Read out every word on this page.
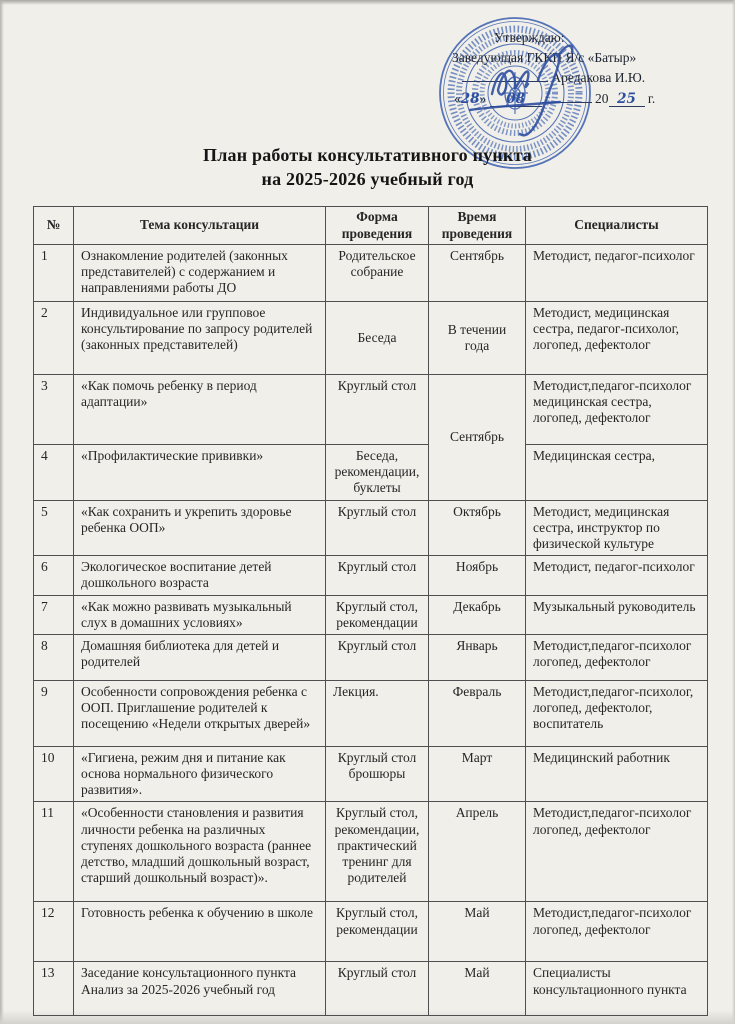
Утверждаю:
Заведующая ГККП Я/с «Батыр»
Аредакова И.Ю.
«28» 08	20 25 г.
План работы консультативного пункта
на 2025-2026 учебный год
№	Тема консультации	Форма проведения	Время проведения	Специалисты
1	Ознакомление родителей (законных представителей) с содержанием и направлениями работы ДО	Родительское собрание	Сентябрь	Методист, педагог-психолог
2	Индивидуальное или групповое консультирование по запросу родителей (законных представителей)	Беседа	В течении года	Методист, медицинская сестра, педагог-психолог, логопед, дефектолог
3	«Как помочь ребенку в период адаптации»	Круглый стол	Сентябрь	Методист,педагог-психолог медицинская сестра, логопед, дефектолог
4	«Профилактические прививки»	Беседа, рекомендации, буклеты		Медицинская сестра,
5	«Как сохранить и укрепить здоровье ребенка ООП»	Круглый стол	Октябрь	Методист, медицинская сестра, инструктор по физической культуре
6	Экологическое воспитание детей дошкольного возраста	Круглый стол	Ноябрь	Методист, педагог-психолог
7	«Как можно развивать музыкальный слух в домашних условиях»	Круглый стол, рекомендации	Декабрь	Музыкальный руководитель
8	Домашняя библиотека для детей и родителей	Круглый стол	Январь	Методист,педагог-психолог логопед, дефектолог
9	Особенности сопровождения ребенка с ООП. Приглашение родителей к посещению «Недели открытых дверей»	Лекция.	Февраль	Методист,педагог-психолог, логопед, дефектолог, воспитатель
10	«Гигиена, режим дня и питание как основа нормального физического развития».	Круглый стол брошюры	Март	Медицинский работник
11	«Особенности становления и развития личности ребенка на различных ступенях дошкольного возраста (раннее детство, младший дошкольный возраст, старший дошкольный возраст)».	Круглый стол, рекомендации, практический тренинг для родителей	Апрель	Методист,педагог-психолог логопед, дефектолог
12	Готовность ребенка к обучению в школе	Круглый стол, рекомендации	Май	Методист,педагог-психолог логопед, дефектолог
13	Заседание консультационного пункта Анализ за 2025-2026 учебный год	Круглый стол	Май	Специалисты консультационного пункта
